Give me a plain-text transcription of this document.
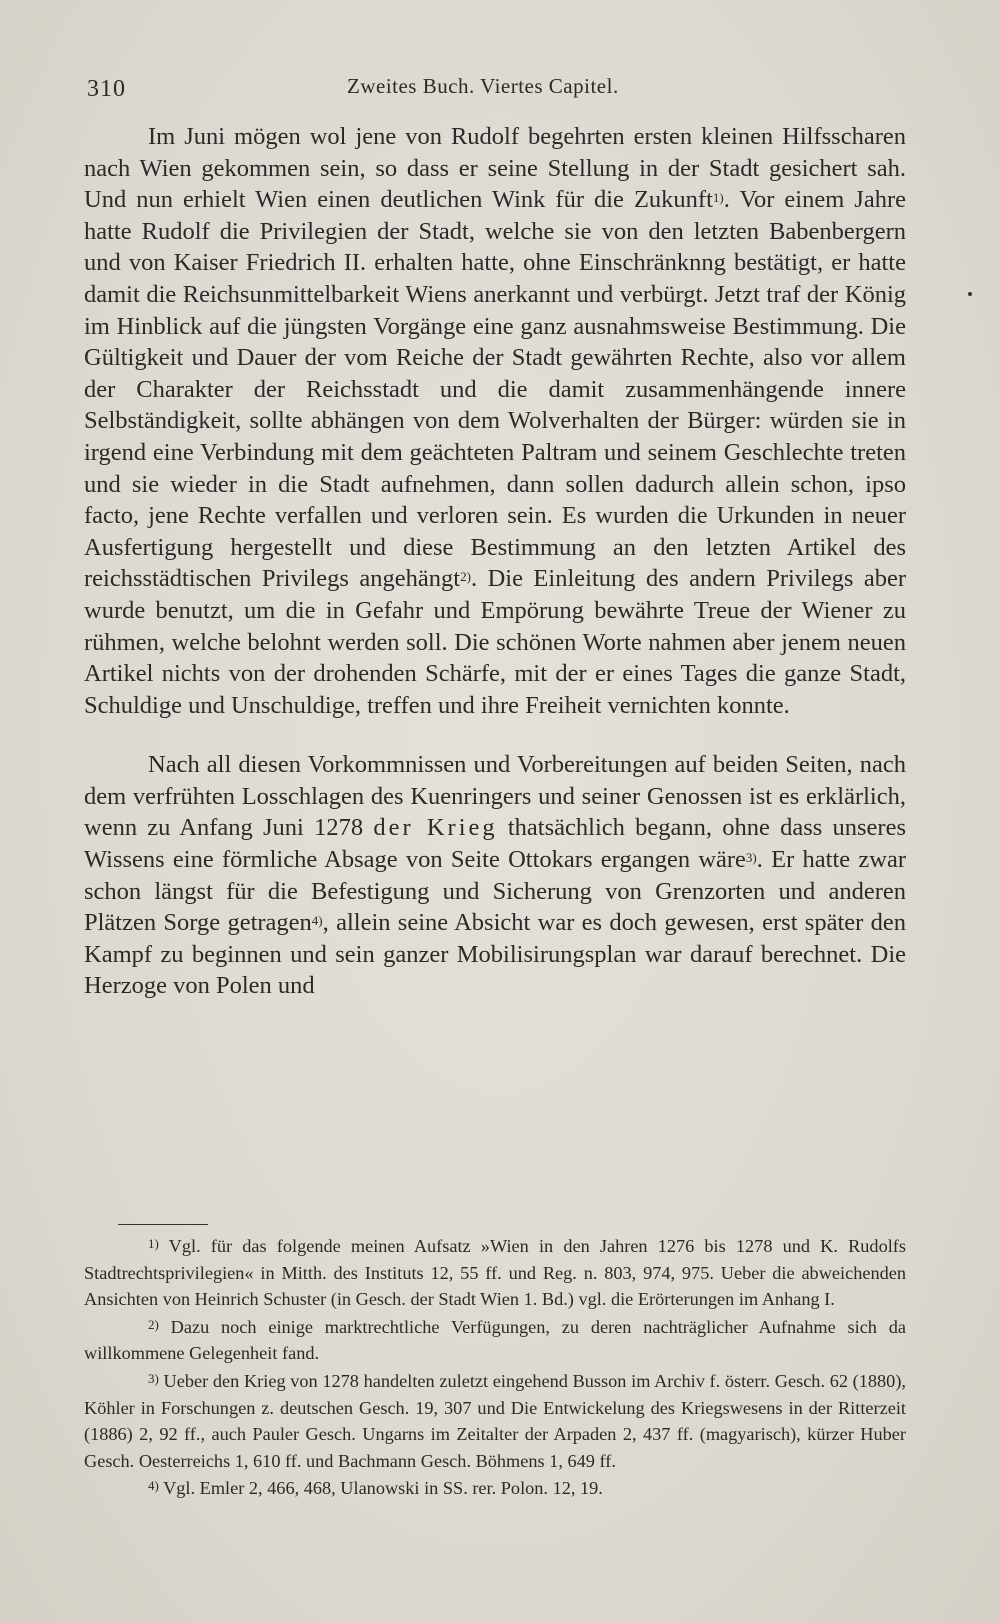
310	Zweites Buch. Viertes Capitel.

Im Juni mögen wol jene von Rudolf begehrten ersten kleinen Hilfsscharen nach Wien gekommen sein, so dass er seine Stellung in der Stadt gesichert sah. Und nun erhielt Wien einen deutlichen Wink für die Zukunft$^{1)}$. Vor einem Jahre hatte Rudolf die Privilegien der Stadt, welche sie von den letzten Babenbergern und von Kaiser Friedrich II. erhalten hatte, ohne Einschränknng bestätigt, er hatte damit die Reichsunmittelbarkeit Wiens anerkannt und verbürgt. Jetzt traf der König im Hinblick auf die jüngsten Vorgänge eine ganz ausnahmsweise Bestimmung. Die Gültigkeit und Dauer der vom Reiche der Stadt gewährten Rechte, also vor allem der Charakter der Reichsstadt und die damit zusammenhängende innere Selbständigkeit, sollte abhängen von dem Wolverhalten der Bürger: würden sie in irgend eine Verbindung mit dem geächteten Paltram und seinem Geschlechte treten und sie wieder in die Stadt aufnehmen, dann sollen dadurch allein schon, ipso facto, jene Rechte verfallen und verloren sein. Es wurden die Urkunden in neuer Ausfertigung hergestellt und diese Bestimmung an den letzten Artikel des reichsstädtischen Privilegs angehängt$^{2)}$. Die Einleitung des andern Privilegs aber wurde benutzt, um die in Gefahr und Empörung bewährte Treue der Wiener zu rühmen, welche belohnt werden soll. Die schönen Worte nahmen aber jenem neuen Artikel nichts von der drohenden Schärfe, mit der er eines Tages die ganze Stadt, Schuldige und Unschuldige, treffen und ihre Freiheit vernichten konnte.

Nach all diesen Vorkommnissen und Vorbereitungen auf beiden Seiten, nach dem verfrühten Losschlagen des Kuenringers und seiner Genossen ist es erklärlich, wenn zu Anfang Juni 1278 der Krieg thatsächlich begann, ohne dass unseres Wissens eine förmliche Absage von Seite Ottokars ergangen wäre$^{3)}$. Er hatte zwar schon längst für die Befestigung und Sicherung von Grenzorten und anderen Plätzen Sorge getragen$^{4)}$, allein seine Absicht war es doch gewesen, erst später den Kampf zu beginnen und sein ganzer Mobilisirungsplan war darauf berechnet. Die Herzoge von Polen und

$^{1)}$ Vgl. für das folgende meinen Aufsatz »Wien in den Jahren 1276 bis 1278 und K. Rudolfs Stadtrechtsprivilegien« in Mitth. des Instituts 12, 55 ff. und Reg. n. 803, 974, 975. Ueber die abweichenden Ansichten von Heinrich Schuster (in Gesch. der Stadt Wien 1. Bd.) vgl. die Erörterungen im Anhang I.

$^{2)}$ Dazu noch einige marktrechtliche Verfügungen, zu deren nachträglicher Aufnahme sich da willkommene Gelegenheit fand.

$^{3)}$ Ueber den Krieg von 1278 handelten zuletzt eingehend Busson im Archiv f. österr. Gesch. 62 (1880), Köhler in Forschungen z. deutschen Gesch. 19, 307 und Die Entwickelung des Kriegswesens in der Ritterzeit (1886) 2, 92 ff., auch Pauler Gesch. Ungarns im Zeitalter der Arpaden 2, 437 ff. (magyarisch), kürzer Huber Gesch. Oesterreichs 1, 610 ff. und Bachmann Gesch. Böhmens 1, 649 ff.

$^{4)}$ Vgl. Emler 2, 466, 468, Ulanowski in SS. rer. Polon. 12, 19.
